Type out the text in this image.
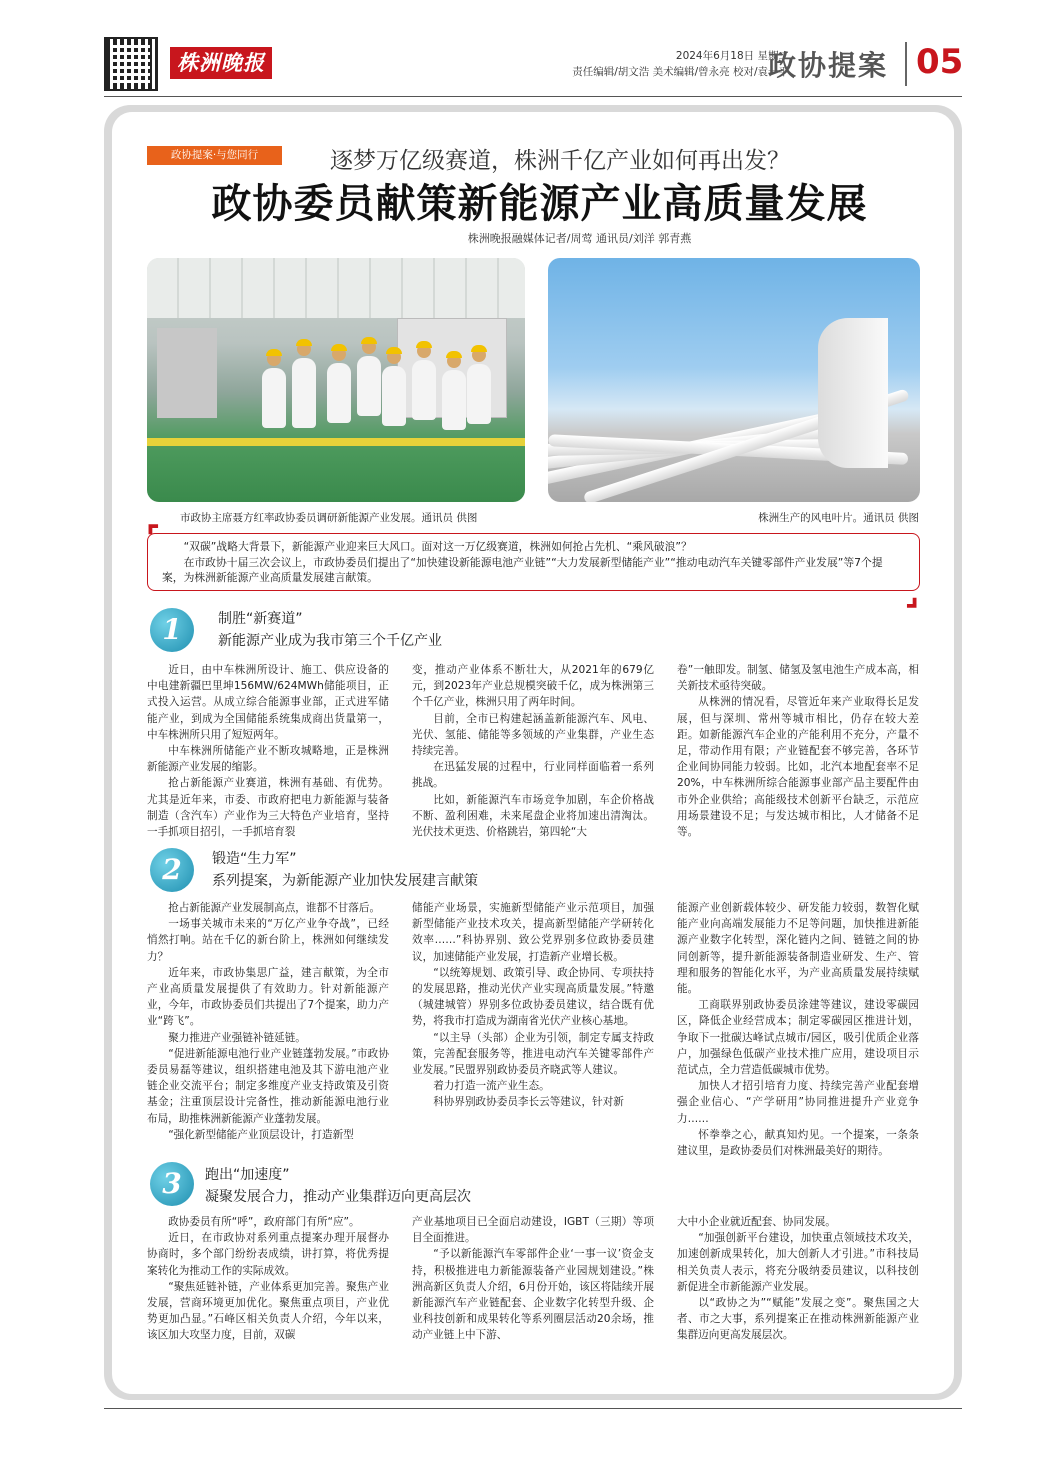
株洲晚报	2024年6月18日 星期二
责任编辑/胡文浩 美术编辑/曾永亮 校对/袁一平
政协提案 05
政协提案·与您同行	逐梦万亿级赛道，株洲千亿产业如何再出发？
政协委员献策新能源产业高质量发展
株洲晚报融媒体记者/周莺 通讯员/刘洋 郭青燕
市政协主席聂方红率政协委员调研新能源产业发展。通讯员 供图	株洲生产的风电叶片。通讯员 供图
⌜	“双碳”战略大背景下，新能源产业迎来巨大风口。面对这一万亿级赛道，株洲如何抢占先机、“乘风破浪”？

在市政协十届三次会议上，市政协委员们提出了“加快建设新能源电池产业链”“大力发展新型储能产业”“推动电动汽车关键零部件产业发展”等7个提案，为株洲新能源产业高质量发展建言献策。	⌟
1	制胜“新赛道”
新能源产业成为我市第三个千亿产业

近日，由中车株洲所设计、施工、供应设备的中电建新疆巴里坤156MW/624MWh储能项目，正式投入运营。从成立综合能源事业部，正式进军储能产业，到成为全国储能系统集成商出货量第一，中车株洲所只用了短短两年。

中车株洲所储能产业不断攻城略地，正是株洲新能源产业发展的缩影。

抢占新能源产业赛道，株洲有基础、有优势。尤其是近年来，市委、市政府把电力新能源与装备制造（含汽车）产业作为三大特色产业培育，坚持一手抓项目招引，一手抓培育裂

变，推动产业体系不断壮大，从2021年的679亿元，到2023年产业总规模突破千亿，成为株洲第三个千亿产业，株洲只用了两年时间。

目前，全市已构建起涵盖新能源汽车、风电、光伏、氢能、储能等多领域的产业集群，产业生态持续完善。

在迅猛发展的过程中，行业同样面临着一系列挑战。

比如，新能源汽车市场竞争加剧，车企价格战不断、盈利困难，未来尾盘企业将加速出清淘汰。光伏技术更迭、价格跳岩，第四轮“大

卷”一触即发。制氢、储氢及氢电池生产成本高，相关新技术亟待突破。

从株洲的情况看，尽管近年来产业取得长足发展，但与深圳、常州等城市相比，仍存在较大差距。如新能源汽车企业的产能利用不充分，产量不足，带动作用有限；产业链配套不够完善，各环节企业间协同能力较弱。比如，北汽本地配套率不足20%，中车株洲所综合能源事业部产品主要配件由市外企业供给；高能级技术创新平台缺乏，示范应用场景建设不足；与发达城市相比，人才储备不足等。

2	锻造“生力军”
系列提案，为新能源产业加快发展建言献策

抢占新能源产业发展制高点，谁都不甘落后。

一场事关城市未来的“万亿产业争夺战”，已经悄然打响。站在千亿的新台阶上，株洲如何继续发力？

近年来，市政协集思广益，建言献策，为全市产业高质量发展提供了有效助力。针对新能源产业，今年，市政协委员们共提出了7个提案，助力产业“跨飞”。

聚力推进产业强链补链延链。

“促进新能源电池行业产业链蓬勃发展。”市政协委员易磊等建议，组织搭建电池及其下游电池产业链企业交流平台；制定多维度产业支持政策及引资基金；注重顶层设计完备性，推动新能源电池行业布局，助推株洲新能源产业蓬勃发展。

“强化新型储能产业顶层设计，打造新型

储能产业场景，实施新型储能产业示范项目，加强新型储能产业技术攻关，提高新型储能产学研转化效率……”科协界别、致公党界别多位政协委员建议，加速储能产业发展，打造新产业增长极。

“以统筹规划、政策引导、政企协同、专项扶持的发展思路，推动光伏产业实现高质量发展。”特邀（城建城管）界别多位政协委员建议，结合既有优势，将我市打造成为湖南省光伏产业核心基地。

“以主导（头部）企业为引领，制定专属支持政策，完善配套服务等，推进电动汽车关键零部件产业发展。”民盟界别政协委员齐晓武等人建议。

着力打造一流产业生态。

科协界别政协委员李长云等建议，针对新

能源产业创新载体较少、研发能力较弱，数智化赋能产业向高端发展能力不足等问题，加快推进新能源产业数字化转型，深化链内之间、链链之间的协同创新等，提升新能源装备制造业研发、生产、管理和服务的智能化水平，为产业高质量发展持续赋能。

工商联界别政协委员涂建等建议，建设零碳园区，降低企业经营成本；制定零碳园区推进计划，争取下一批碳达峰试点城市/园区，吸引优质企业落户，加强绿色低碳产业技术推广应用，建设项目示范试点，全力营造低碳城市优势。

加快人才招引培育力度、持续完善产业配套增强企业信心、“产学研用”协同推进提升产业竞争力……

怀拳拳之心，献真知灼见。一个提案，一条条建议里，是政协委员们对株洲最美好的期待。

3	跑出“加速度”
凝聚发展合力，推动产业集群迈向更高层次

政协委员有所“呼”，政府部门有所“应”。

近日，在市政协对系列重点提案办理开展督办协商时，多个部门纷纷表成绩，讲打算，将优秀提案转化为推动工作的实际成效。

“聚焦延链补链，产业体系更加完善。聚焦产业发展，营商环境更加优化。聚焦重点项目，产业优势更加凸显。”石峰区相关负责人介绍，今年以来，该区加大攻坚力度，目前，双碳

产业基地项目已全面启动建设，IGBT（三期）等项目全面推进。

“予以新能源汽车零部件企业‘一事一议’资金支持，积极推进电力新能源装备产业园规划建设。”株洲高新区负责人介绍，6月份开始，该区将陆续开展新能源汽车产业链配套、企业数字化转型升级、企业科技创新和成果转化等系列圈层活动20余场，推动产业链上中下游、

大中小企业就近配套、协同发展。

“加强创新平台建设，加快重点领域技术攻关，加速创新成果转化，加大创新人才引进。”市科技局相关负责人表示，将充分吸纳委员建议，以科技创新促进全市新能源产业发展。

以“政协之为”“赋能”发展之变”。聚焦国之大者、市之大事，系列提案正在推动株洲新能源产业集群迈向更高发展层次。
